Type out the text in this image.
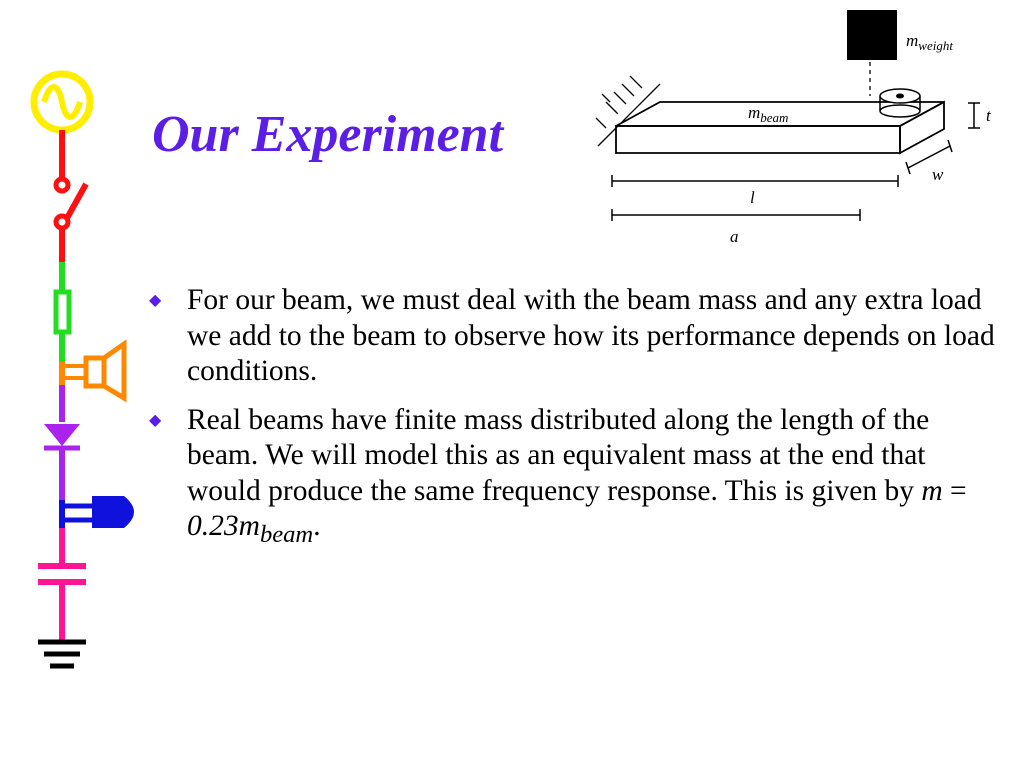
Our Experiment
$m_{weight}$
$m_{beam}$	t
w
l
a
◆ For our beam, we must deal with the beam mass and any extra load we add to the beam to observe how its performance depends on load conditions.
◆ Real beams have finite mass distributed along the length of the beam. We will model this as an equivalent mass at the end that would produce the same frequency response. This is given by $m = 0.23m_{beam}$.
